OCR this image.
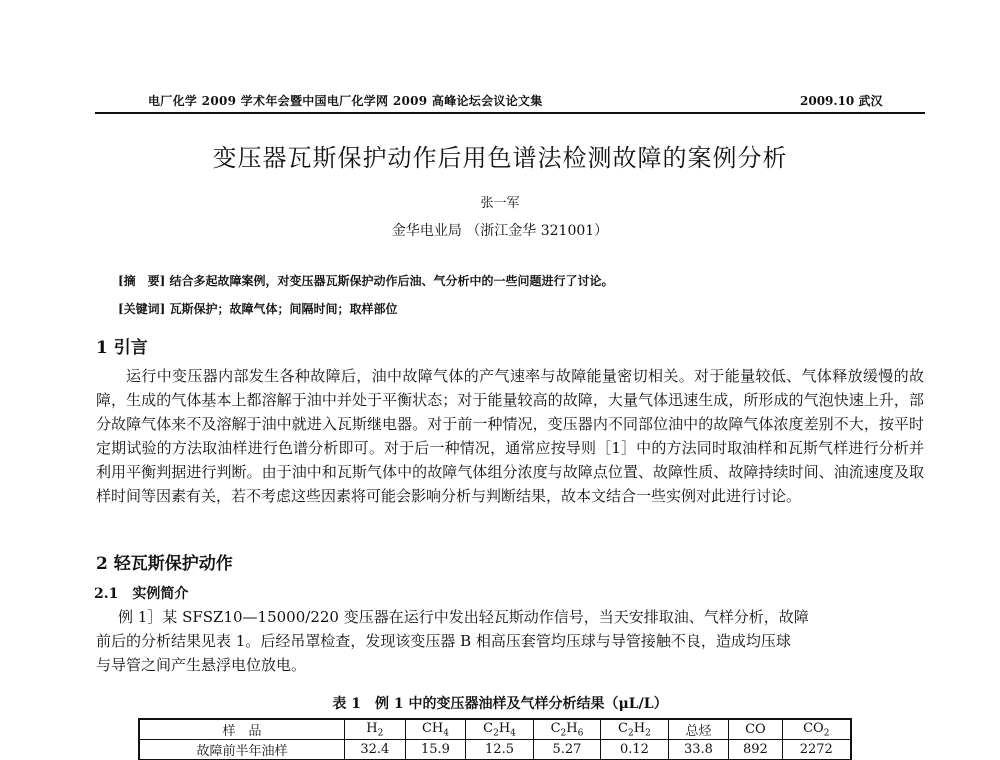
电厂化学 2009 学术年会暨中国电厂化学网 2009 高峰论坛会议论文集	2009.10 武汉
变压器瓦斯保护动作后用色谱法检测故障的案例分析
张一军
金华电业局 （浙江金华 321001）
[摘　要] 结合多起故障案例，对变压器瓦斯保护动作后油、气分析中的一些问题进行了讨论。
[关键词] 瓦斯保护；故障气体；间隔时间；取样部位
1 引言
运行中变压器内部发生各种故障后，油中故障气体的产气速率与故障能量密切相关。对于能量较低、气体释放缓慢的故障，生成的气体基本上都溶解于油中并处于平衡状态；对于能量较高的故障，大量气体迅速生成，所形成的气泡快速上升，部分故障气体来不及溶解于油中就进入瓦斯继电器。对于前一种情况，变压器内不同部位油中的故障气体浓度差别不大，按平时定期试验的方法取油样进行色谱分析即可。对于后一种情况，通常应按导则［1］中的方法同时取油样和瓦斯气样进行分析并利用平衡判据进行判断。由于油中和瓦斯气体中的故障气体组分浓度与故障点位置、故障性质、故障持续时间、油流速度及取样时间等因素有关，若不考虑这些因素将可能会影响分析与判断结果，故本文结合一些实例对此进行讨论。
2 轻瓦斯保护动作
2.1　实例简介
例 1］某 SFSZ10—15000/220 变压器在运行中发出轻瓦斯动作信号，当天安排取油、气样分析，故障
前后的分析结果见表 1。后经吊罩检查，发现该变压器 B 相高压套管均压球与导管接触不良，造成均压球
与导管之间产生悬浮电位放电。
表 1　例 1 中的变压器油样及气样分析结果（μL/L）
样　品	$H_2$	$CH_4$	$C_2H_4$	$C_2H_6$	$C_2H_2$	总烃	CO	$CO_2$
故障前半年油样	32.4	15.9	12.5	5.27	0.12	33.8	892	2272
